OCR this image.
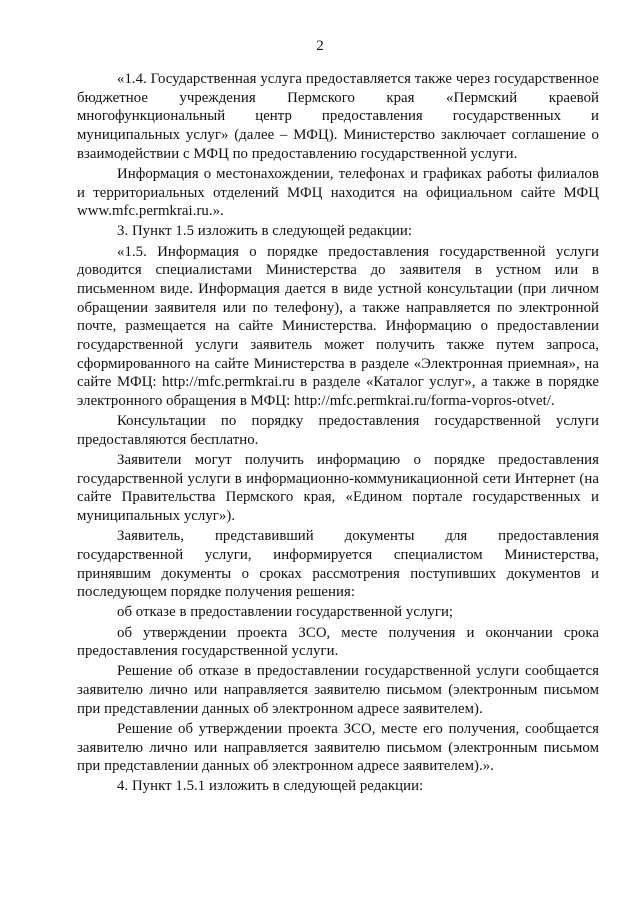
2

«1.4. Государственная услуга предоставляется также через государственное бюджетное учреждения Пермского края «Пермский краевой многофункциональный центр предоставления государственных и муниципальных услуг» (далее – МФЦ). Министерство заключает соглашение о взаимодействии с МФЦ по предоставлению государственной услуги.

Информация о местонахождении, телефонах и графиках работы филиалов и территориальных отделений МФЦ находится на официальном сайте МФЦ www.mfc.permkrai.ru.».

3. Пункт 1.5 изложить в следующей редакции:

«1.5. Информация о порядке предоставления государственной услуги доводится специалистами Министерства до заявителя в устном или в письменном виде. Информация дается в виде устной консультации (при личном обращении заявителя или по телефону), а также направляется по электронной почте, размещается на сайте Министерства. Информацию о предоставлении государственной услуги заявитель может получить также путем запроса, сформированного на сайте Министерства в разделе «Электронная приемная», на сайте МФЦ: http://mfc.permkrai.ru в разделе «Каталог услуг», а также в порядке электронного обращения в МФЦ: http://mfc.permkrai.ru/forma-vopros-otvet/.

Консультации по порядку предоставления государственной услуги предоставляются бесплатно.

Заявители могут получить информацию о порядке предоставления государственной услуги в информационно-коммуникационной сети Интернет (на сайте Правительства Пермского края, «Едином портале государственных и муниципальных услуг»).

Заявитель, представивший документы для предоставления государственной услуги, информируется специалистом Министерства, принявшим документы о сроках рассмотрения поступивших документов и последующем порядке получения решения:

об отказе в предоставлении государственной услуги;

об утверждении проекта ЗСО, месте получения и окончании срока предоставления государственной услуги.

Решение об отказе в предоставлении государственной услуги сообщается заявителю лично или направляется заявителю письмом (электронным письмом при представлении данных об электронном адресе заявителем).

Решение об утверждении проекта ЗСО, месте его получения, сообщается заявителю лично или направляется заявителю письмом (электронным письмом при представлении данных об электронном адресе заявителем).».

4. Пункт 1.5.1 изложить в следующей редакции:
